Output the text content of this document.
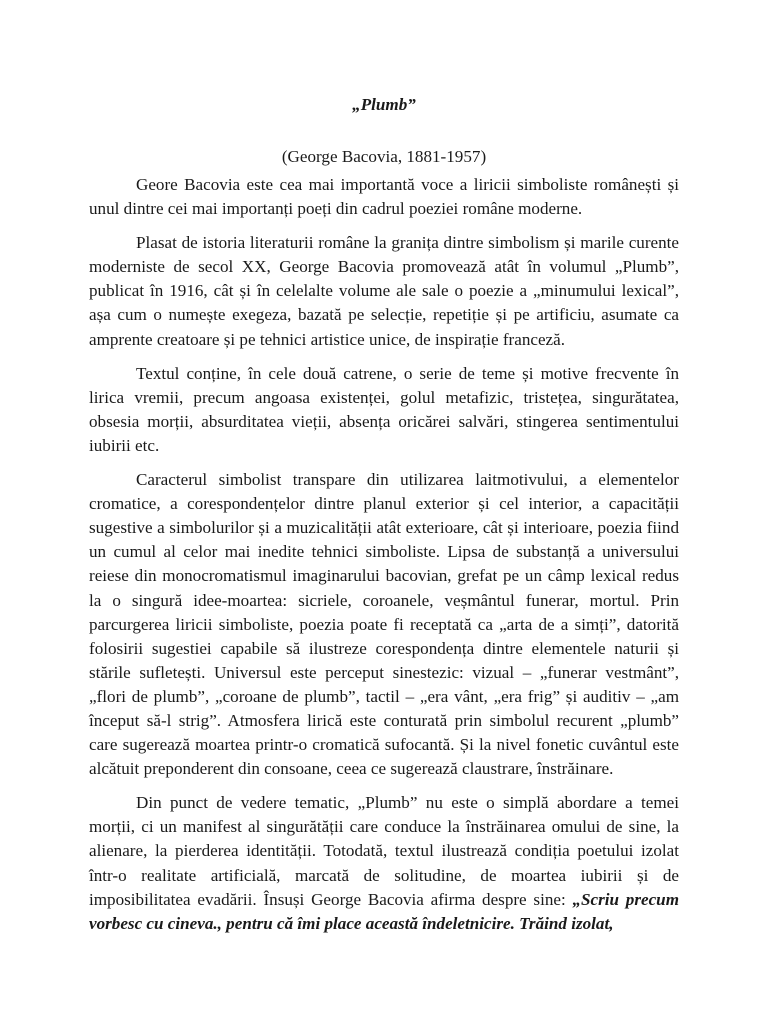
„Plumb”
(George Bacovia, 1881-1957)

Geore Bacovia este cea mai importantă voce a liricii simboliste românești și unul dintre cei mai importanți poeți din cadrul poeziei române moderne.

Plasat de istoria literaturii române la granița dintre simbolism și marile curente moderniste de secol XX, George Bacovia promovează atât în volumul „Plumb”, publicat în 1916, cât și în celelalte volume ale sale o poezie a „minumului lexical”, așa cum o numește exegeza, bazată pe selecție, repetiție și pe artificiu, asumate ca amprente creatoare și pe tehnici artistice unice, de inspirație franceză.

Textul conține, în cele două catrene, o serie de teme și motive frecvente în lirica vremii, precum angoasa existenței, golul metafizic, tristețea, singurătatea, obsesia morții, absurditatea vieții, absența oricărei salvări, stingerea sentimentului iubirii etc.

Caracterul simbolist transpare din utilizarea laitmotivului, a elementelor cromatice, a corespondențelor dintre planul exterior și cel interior, a capacității sugestive a simbolurilor și a muzicalității atât exterioare, cât și interioare, poezia fiind un cumul al celor mai inedite tehnici simboliste. Lipsa de substanță a universului reiese din monocromatismul imaginarului bacovian, grefat pe un câmp lexical redus la o singură idee-moartea: sicriele, coroanele, veșmântul funerar, mortul. Prin parcurgerea liricii simboliste, poezia poate fi receptată ca „arta de a simți”, datorită folosirii sugestiei capabile să ilustreze corespondența dintre elementele naturii și stările sufletești. Universul este perceput sinestezic: vizual – „funerar vestmânt”, „flori de plumb”, „coroane de plumb”, tactil – „era vânt, „era frig” și auditiv – „am început să-l strig”. Atmosfera lirică este conturată prin simbolul recurent „plumb” care sugerează moartea printr-o cromatică sufocantă. Și la nivel fonetic cuvântul este alcătuit preponderent din consoane, ceea ce sugerează claustrare, înstrăinare.

Din punct de vedere tematic, „Plumb” nu este o simplă abordare a temei morții, ci un manifest al singurătății care conduce la înstrăinarea omului de sine, la alienare, la pierderea identității. Totodată, textul ilustrează condiția poetului izolat într-o realitate artificială, marcată de solitudine, de moartea iubirii și de imposibilitatea evadării. Însuși George Bacovia afirma despre sine: „Scriu precum vorbesc cu cineva., pentru că îmi place această îndeletnicire. Trăind izolat,
